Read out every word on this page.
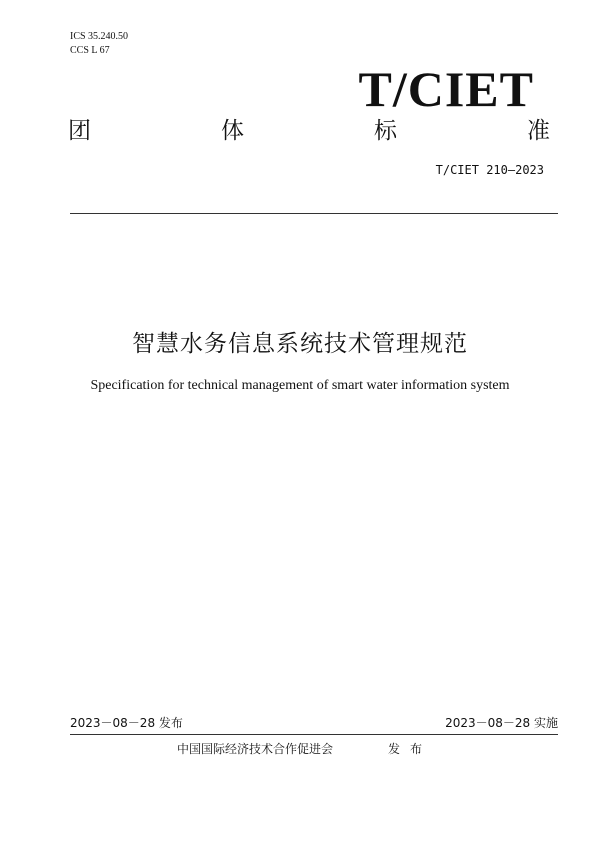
ICS 35.240.50
CCS L 67
T/CIET
团	体	标	准
T/CIET 210—2023
智慧水务信息系统技术管理规范
Specification for technical management of smart water information system
2023－08－28 发布	2023－08－28 实施
中国国际经济技术合作促进会	发布
